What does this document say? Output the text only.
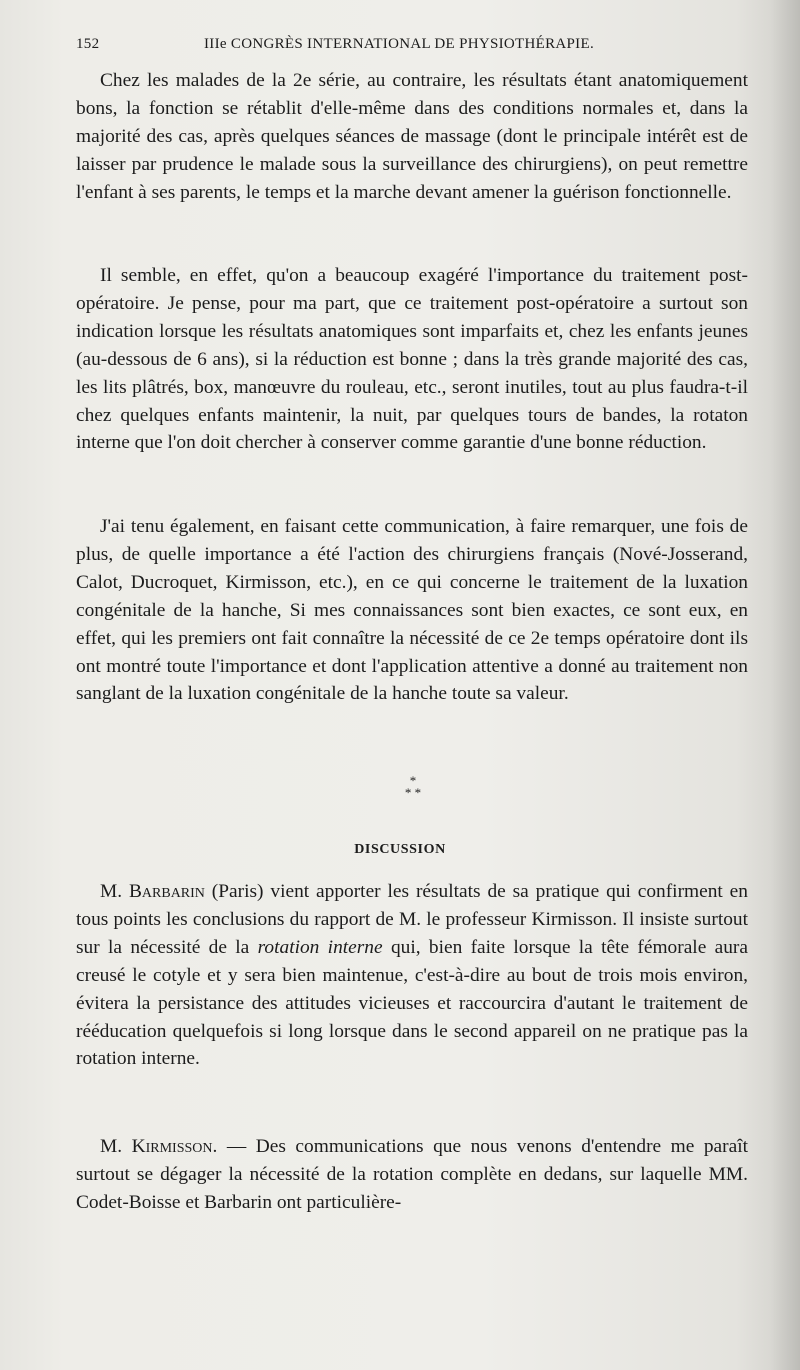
152	IIIe CONGRÈS INTERNATIONAL DE PHYSIOTHÉRAPIE.

Chez les malades de la 2e série, au contraire, les résultats étant anatomiquement bons, la fonction se rétablit d'elle-même dans des conditions normales et, dans la majorité des cas, après quelques séances de massage (dont le principale intérêt est de laisser par prudence le malade sous la surveillance des chirurgiens), on peut remettre l'enfant à ses parents, le temps et la marche devant amener la guérison fonctionnelle.

Il semble, en effet, qu'on a beaucoup exagéré l'importance du traitement post-opératoire. Je pense, pour ma part, que ce traitement post-opératoire a surtout son indication lorsque les résultats anatomiques sont imparfaits et, chez les enfants jeunes (au-dessous de 6 ans), si la réduction est bonne ; dans la très grande majorité des cas, les lits plâtrés, box, manœuvre du rouleau, etc., seront inutiles, tout au plus faudra-t-il chez quelques enfants maintenir, la nuit, par quelques tours de bandes, la rotaton interne que l'on doit chercher à conserver comme garantie d'une bonne réduction.

J'ai tenu également, en faisant cette communication, à faire remarquer, une fois de plus, de quelle importance a été l'action des chirurgiens français (Nové-Josserand, Calot, Ducroquet, Kirmisson, etc.), en ce qui concerne le traitement de la luxation congénitale de la hanche, Si mes connaissances sont bien exactes, ce sont eux, en effet, qui les premiers ont fait connaître la nécessité de ce 2e temps opératoire dont ils ont montré toute l'importance et dont l'application attentive a donné au traitement non sanglant de la luxation congénitale de la hanche toute sa valeur.

*
* *
DISCUSSION

M. Barbarin (Paris) vient apporter les résultats de sa pratique qui confirment en tous points les conclusions du rapport de M. le professeur Kirmisson. Il insiste surtout sur la nécessité de la rotation interne qui, bien faite lorsque la tête fémorale aura creusé le cotyle et y sera bien maintenue, c'est-à-dire au bout de trois mois environ, évitera la persistance des attitudes vicieuses et raccourcira d'autant le traitement de rééducation quelquefois si long lorsque dans le second appareil on ne pratique pas la rotation interne.

M. Kirmisson. — Des communications que nous venons d'entendre me paraît surtout se dégager la nécessité de la rotation complète en dedans, sur laquelle MM. Codet-Boisse et Barbarin ont particulière-
